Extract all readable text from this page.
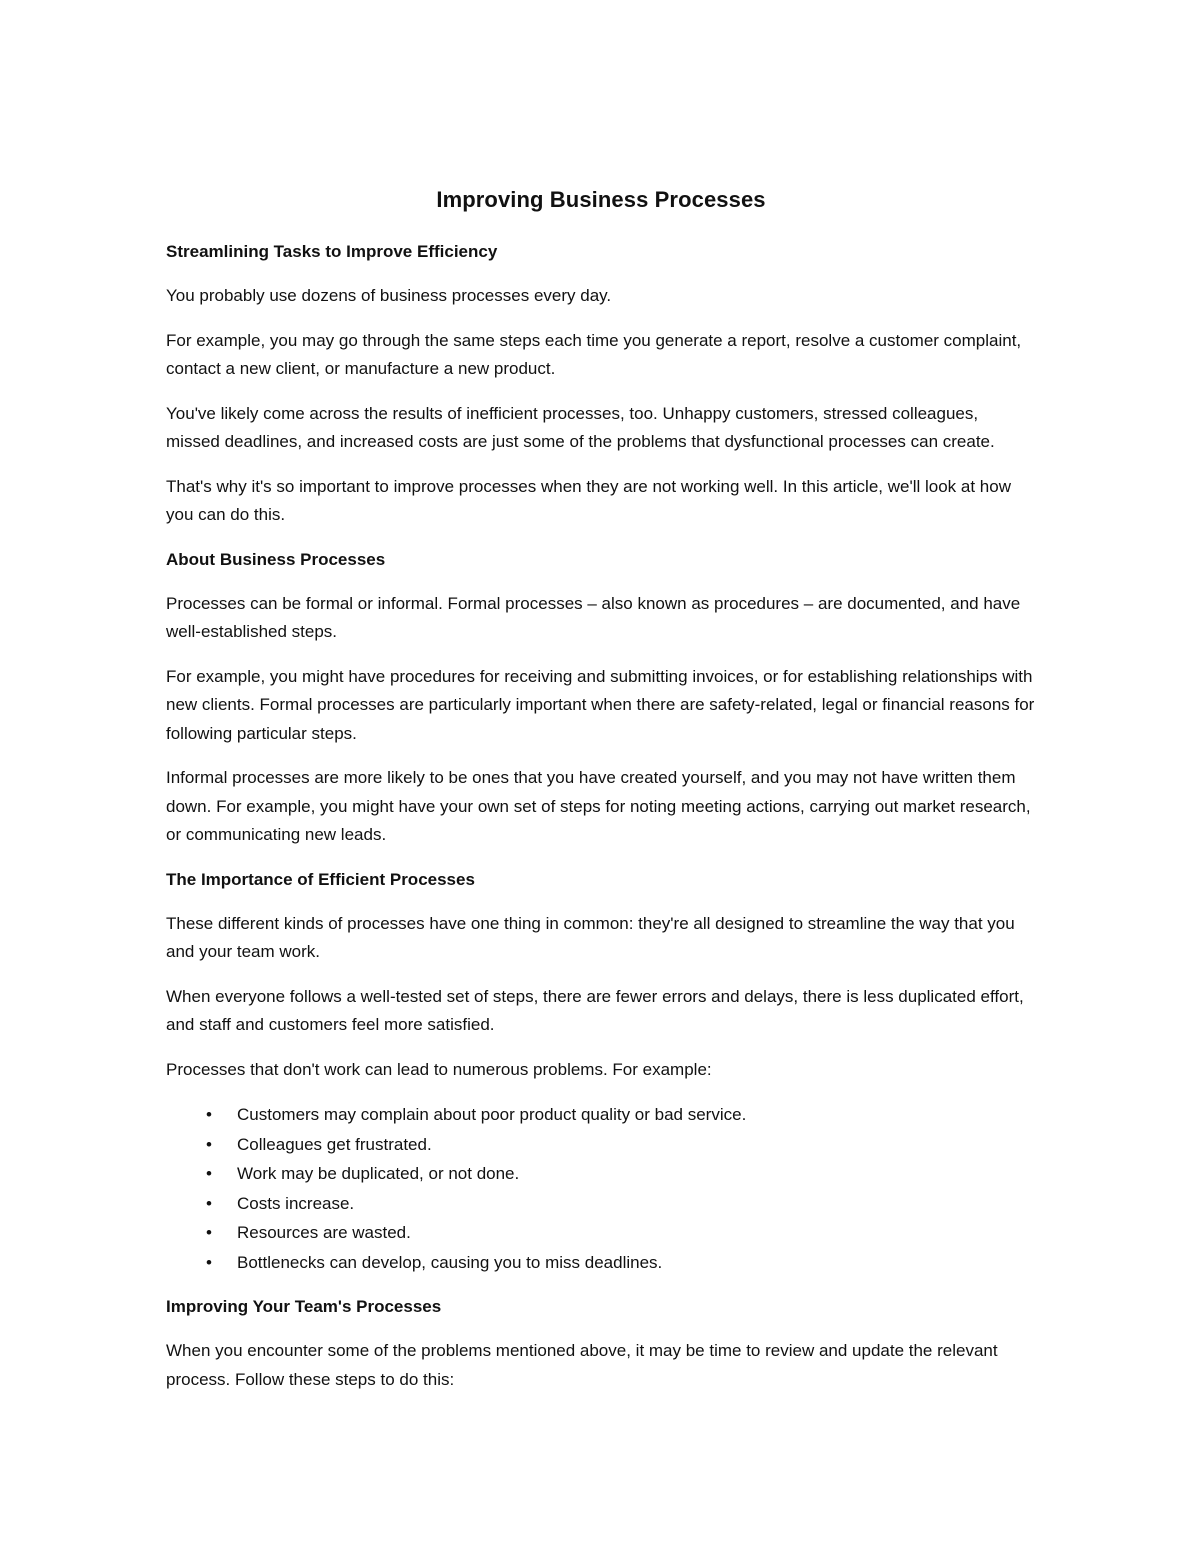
Improving Business Processes
Streamlining Tasks to Improve Efficiency

You probably use dozens of business processes every day.

For example, you may go through the same steps each time you generate a report, resolve a customer complaint, contact a new client, or manufacture a new product.

You've likely come across the results of inefficient processes, too. Unhappy customers, stressed colleagues, missed deadlines, and increased costs are just some of the problems that dysfunctional processes can create.

That's why it's so important to improve processes when they are not working well. In this article, we'll look at how you can do this.

About Business Processes

Processes can be formal or informal. Formal processes – also known as procedures – are documented, and have well-established steps.

For example, you might have procedures for receiving and submitting invoices, or for establishing relationships with new clients. Formal processes are particularly important when there are safety-related, legal or financial reasons for following particular steps.

Informal processes are more likely to be ones that you have created yourself, and you may not have written them down. For example, you might have your own set of steps for noting meeting actions, carrying out market research, or communicating new leads.

The Importance of Efficient Processes

These different kinds of processes have one thing in common: they're all designed to streamline the way that you and your team work.

When everyone follows a well-tested set of steps, there are fewer errors and delays, there is less duplicated effort, and staff and customers feel more satisfied.

Processes that don't work can lead to numerous problems. For example:

• Customers may complain about poor product quality or bad service.
• Colleagues get frustrated.
• Work may be duplicated, or not done.
• Costs increase.
• Resources are wasted.
• Bottlenecks can develop, causing you to miss deadlines.
Improving Your Team's Processes

When you encounter some of the problems mentioned above, it may be time to review and update the relevant process. Follow these steps to do this:
